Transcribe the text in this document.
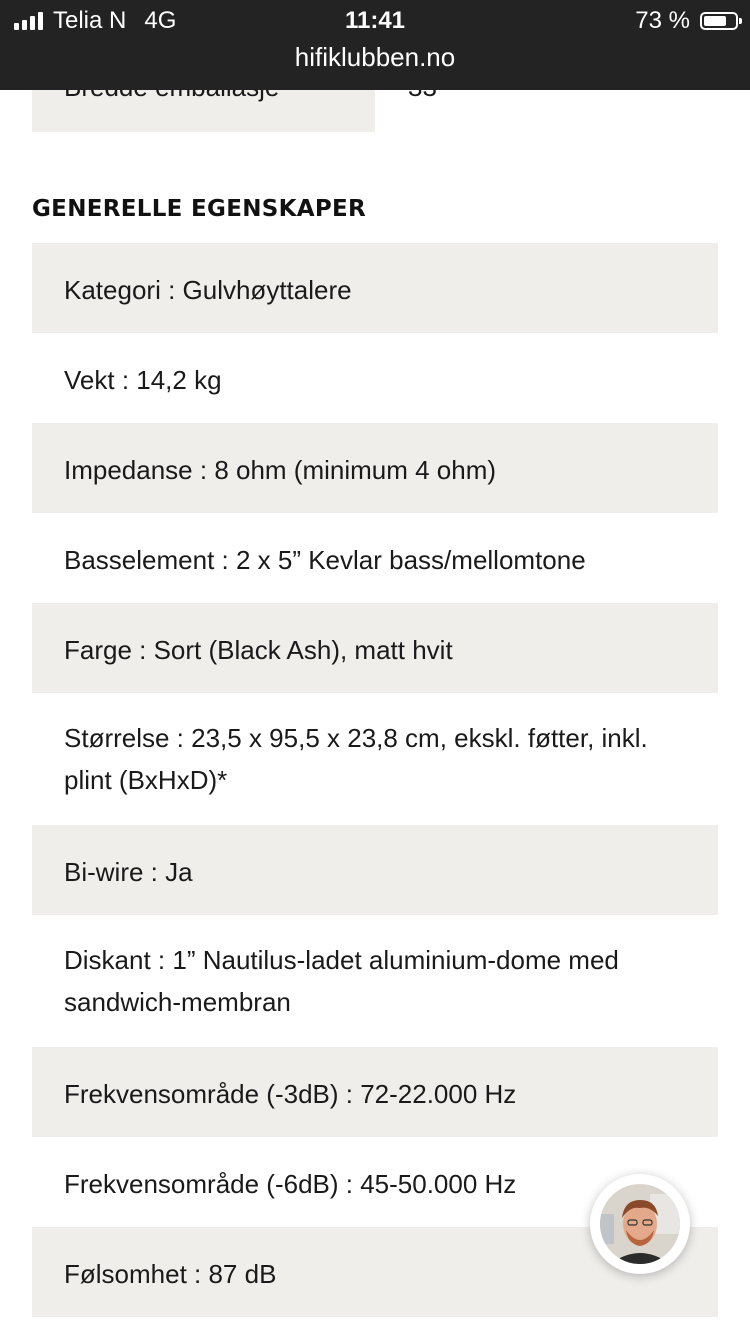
Telia N 4G	11:41	73 %
hifiklubben.no
GENERELLE EGENSKAPER
Kategori : Gulvhøyttalere
Vekt : 14,2 kg
Impedanse : 8 ohm (minimum 4 ohm)
Basselement : 2 x 5” Kevlar bass/mellomtone
Farge : Sort (Black Ash), matt hvit
Størrelse : 23,5 x 95,5 x 23,8 cm, ekskl. føtter, inkl. plint (BxHxD)*
Bi-wire : Ja
Diskant : 1” Nautilus-ladet aluminium-dome med sandwich-membran
Frekvensområde (-3dB) : 72-22.000 Hz
Frekvensområde (-6dB) : 45-50.000 Hz
Følsomhet : 87 dB
